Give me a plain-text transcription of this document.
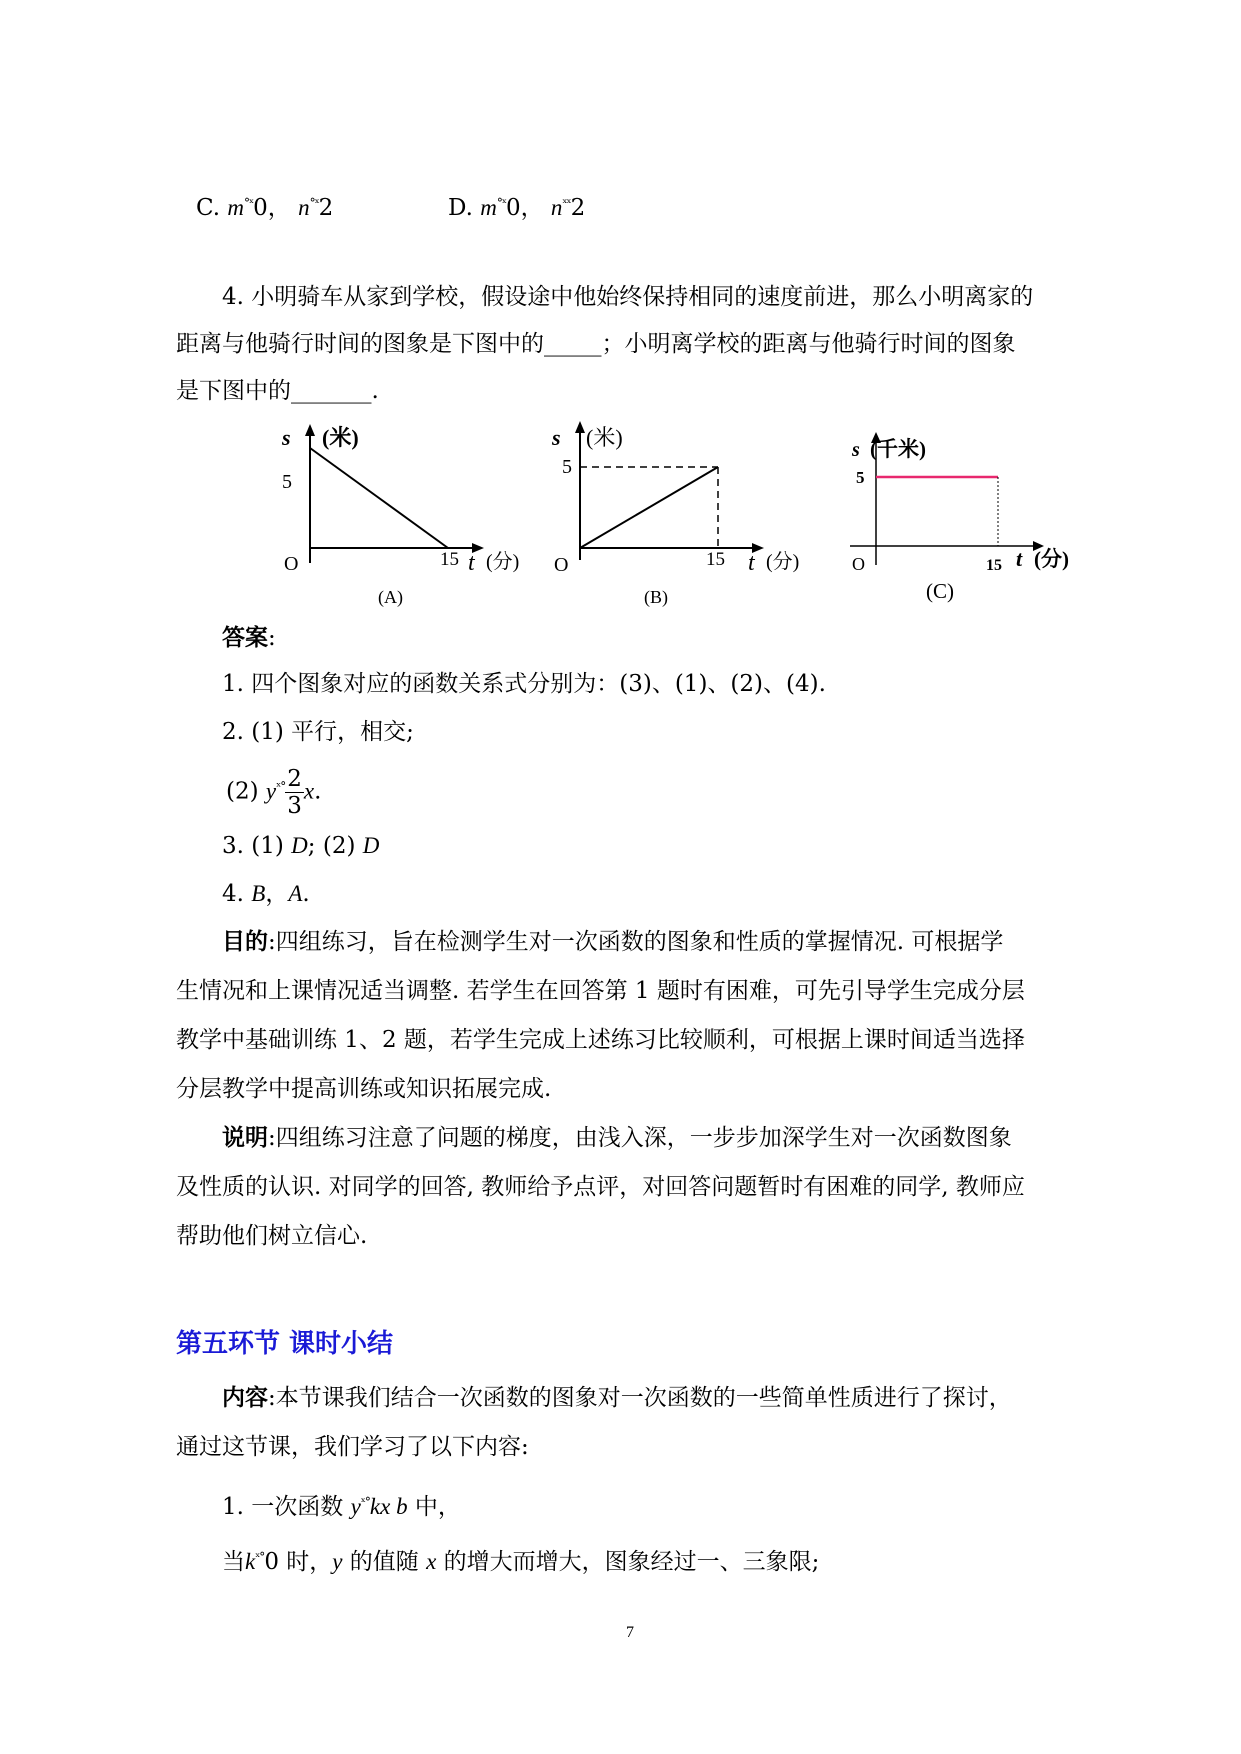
C. $m^{^\circ ˣ}0$， $n^{^\circ ˣ}2$	D. $m^{^\circ ˣ}0$， $n^{ˣˣ}2$
4. 小明骑车从家到学校，假设途中他始终保持相同的速度前进，那么小明离家的
距离与他骑行时间的图象是下图中的_____；小明离学校的距离与他骑行时间的图象
是下图中的_______.
s (米)
5
O	15 t (分)
(A)
s (米)
5
O	15 t (分)
(B)
s (千米)
5
O	15 t (分)
(C)
答案:
1. 四个图象对应的函数关系式分别为：(3)、(1)、(2)、(4).
2. (1) 平行，相交;
(2) $y^{ˣ^\circ} \frac{2}{3} x$.
3. (1) D; (2) D
4. B，A.
目的:四组练习，旨在检测学生对一次函数的图象和性质的掌握情况. 可根据学
生情况和上课情况适当调整. 若学生在回答第 1 题时有困难，可先引导学生完成分层
教学中基础训练 1、2 题，若学生完成上述练习比较顺利，可根据上课时间适当选择
分层教学中提高训练或知识拓展完成.
说明:四组练习注意了问题的梯度，由浅入深，一步步加深学生对一次函数图象
及性质的认识. 对同学的回答, 教师给予点评，对回答问题暂时有困难的同学, 教师应
帮助他们树立信心.
第五环节 课时小结
内容:本节课我们结合一次函数的图象对一次函数的一些简单性质进行了探讨，
通过这节课，我们学习了以下内容:
1. 一次函数 $y^{ˣ^\circ}kx$ b 中，
当$k^{ˣ^\circ}0$ 时，y 的值随 x 的增大而增大，图象经过一、三象限;
7
